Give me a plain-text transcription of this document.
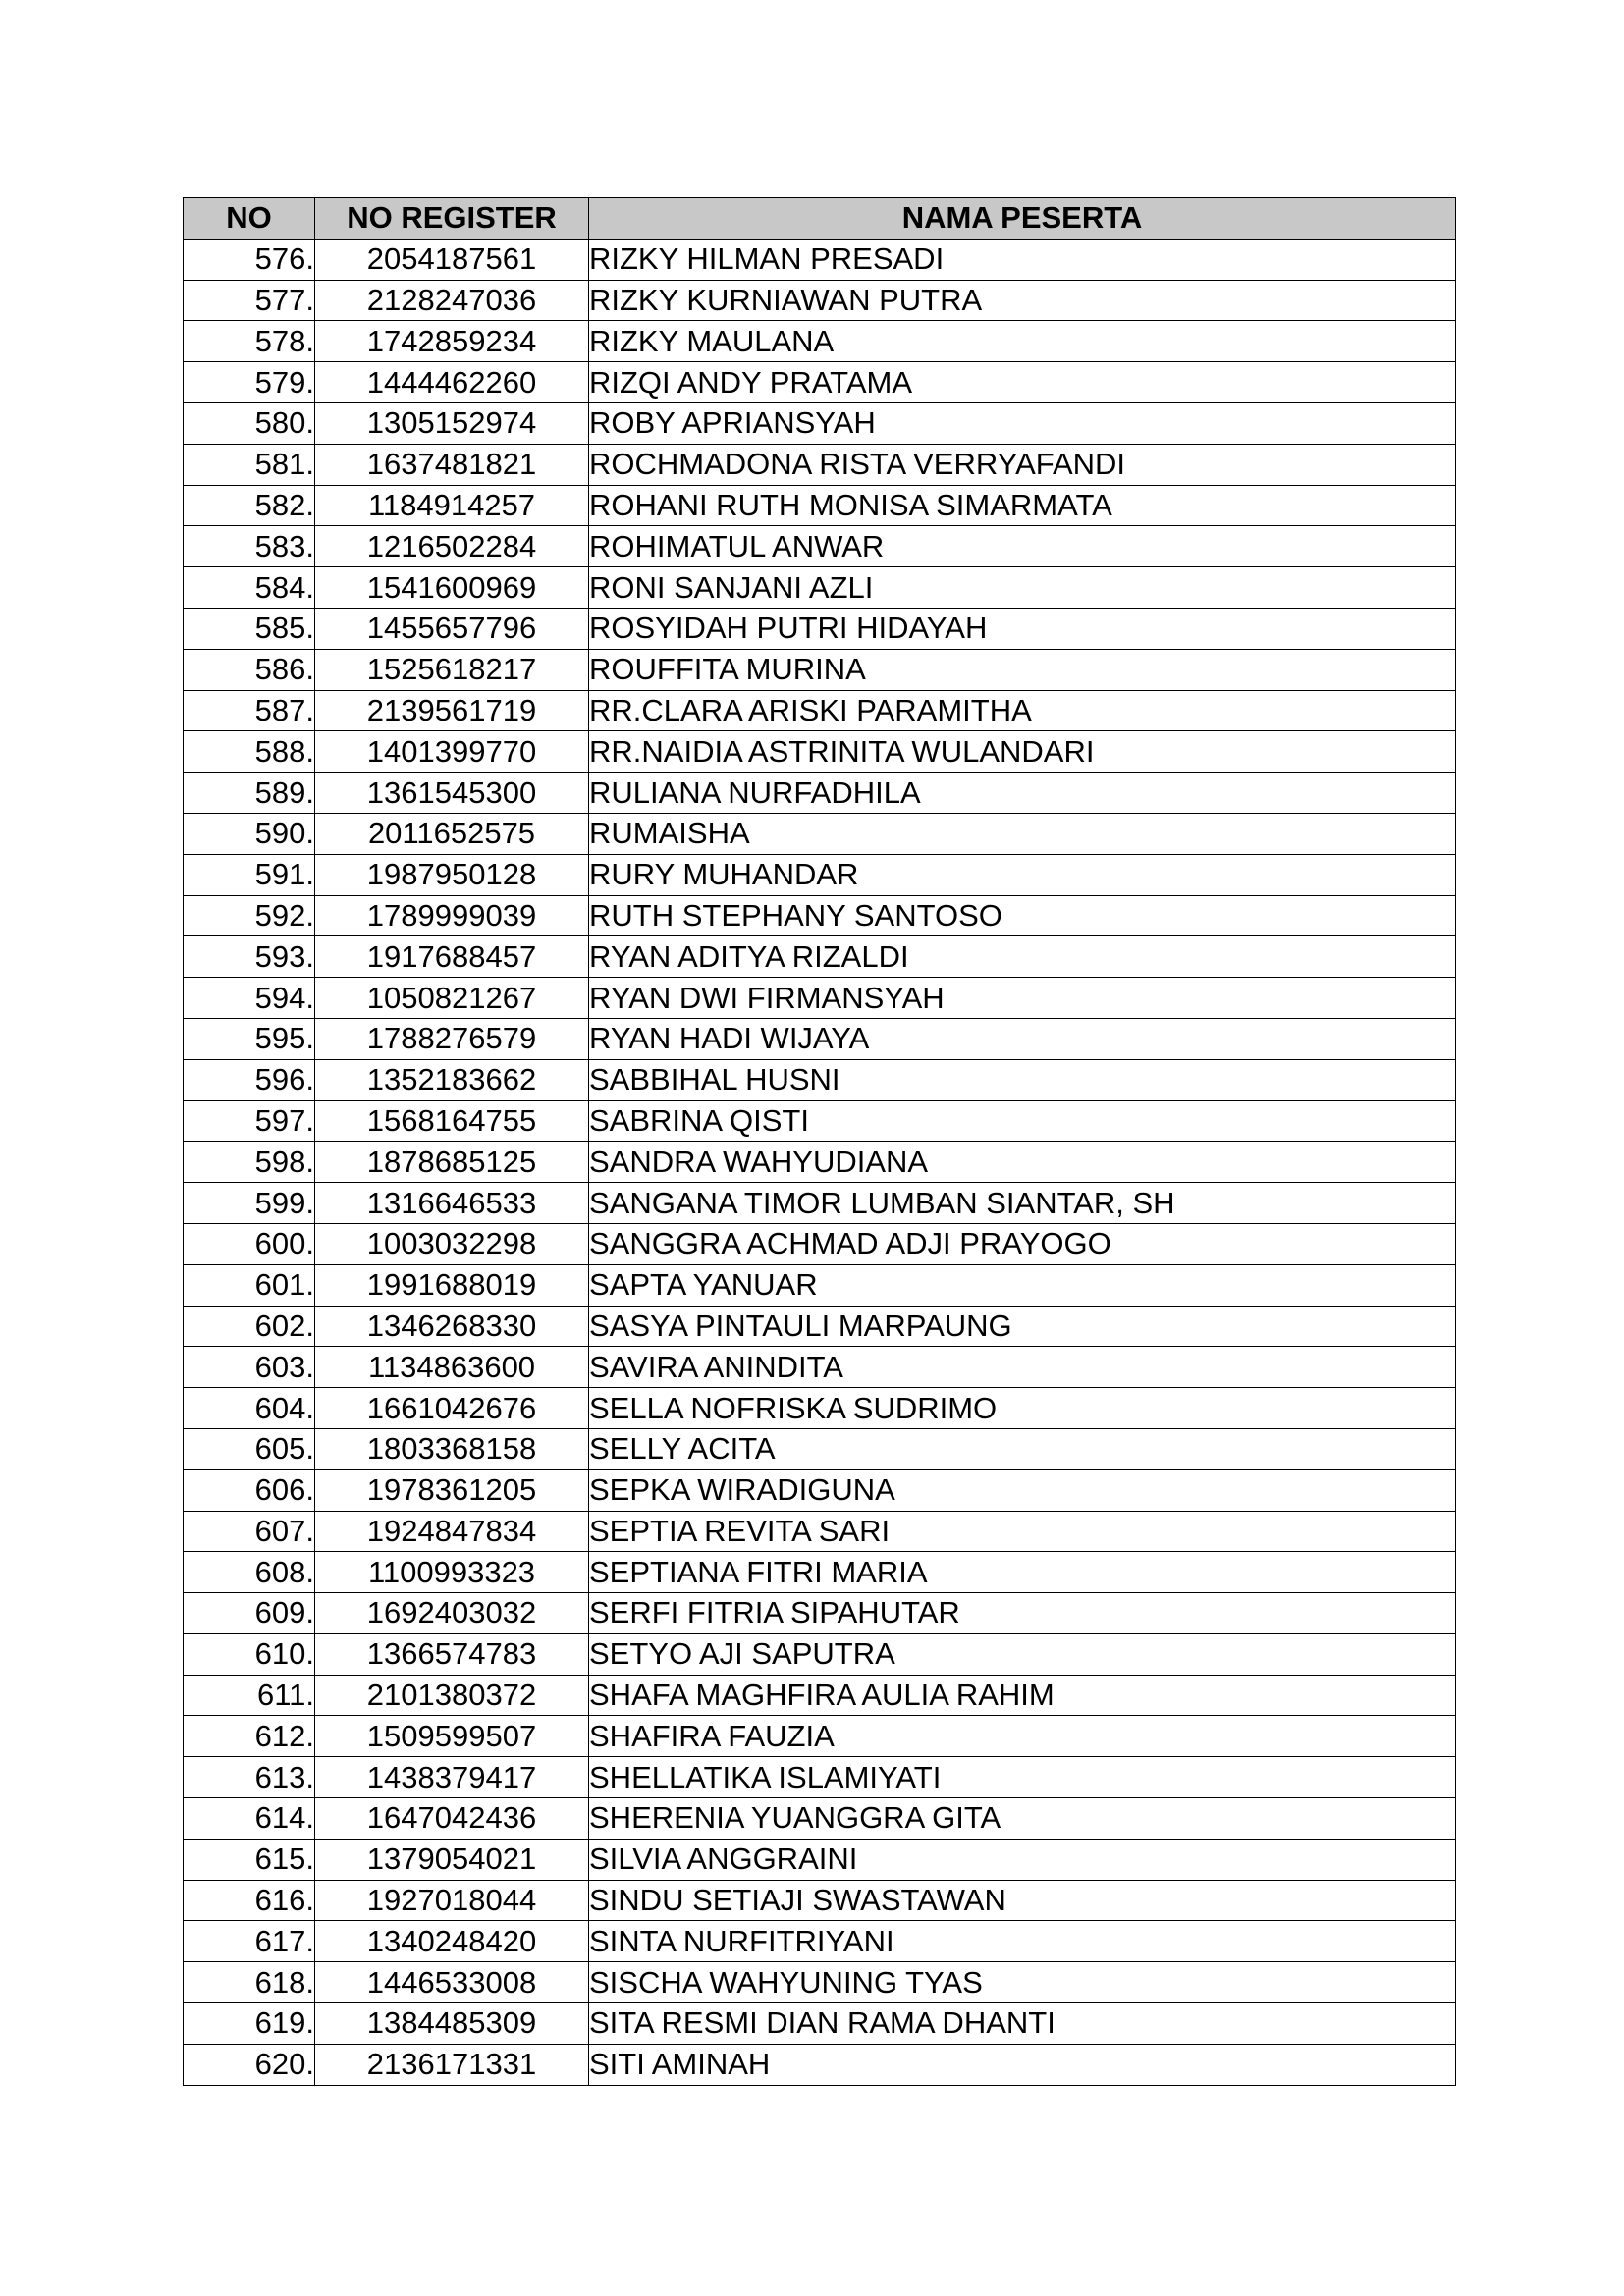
NO	NO REGISTER	NAMA PESERTA
576.	2054187561	RIZKY HILMAN PRESADI
577.	2128247036	RIZKY KURNIAWAN PUTRA
578.	1742859234	RIZKY MAULANA
579.	1444462260	RIZQI ANDY PRATAMA
580.	1305152974	ROBY APRIANSYAH
581.	1637481821	ROCHMADONA RISTA VERRYAFANDI
582.	1184914257	ROHANI RUTH MONISA SIMARMATA
583.	1216502284	ROHIMATUL ANWAR
584.	1541600969	RONI SANJANI AZLI
585.	1455657796	ROSYIDAH PUTRI HIDAYAH
586.	1525618217	ROUFFITA MURINA
587.	2139561719	RR.CLARA ARISKI PARAMITHA
588.	1401399770	RR.NAIDIA ASTRINITA WULANDARI
589.	1361545300	RULIANA NURFADHILA
590.	2011652575	RUMAISHA
591.	1987950128	RURY MUHANDAR
592.	1789999039	RUTH STEPHANY SANTOSO
593.	1917688457	RYAN ADITYA RIZALDI
594.	1050821267	RYAN DWI FIRMANSYAH
595.	1788276579	RYAN HADI WIJAYA
596.	1352183662	SABBIHAL HUSNI
597.	1568164755	SABRINA QISTI
598.	1878685125	SANDRA WAHYUDIANA
599.	1316646533	SANGANA TIMOR LUMBAN SIANTAR, SH
600.	1003032298	SANGGRA ACHMAD ADJI PRAYOGO
601.	1991688019	SAPTA YANUAR
602.	1346268330	SASYA PINTAULI MARPAUNG
603.	1134863600	SAVIRA ANINDITA
604.	1661042676	SELLA NOFRISKA SUDRIMO
605.	1803368158	SELLY ACITA
606.	1978361205	SEPKA WIRADIGUNA
607.	1924847834	SEPTIA REVITA SARI
608.	1100993323	SEPTIANA FITRI MARIA
609.	1692403032	SERFI FITRIA SIPAHUTAR
610.	1366574783	SETYO AJI SAPUTRA
611.	2101380372	SHAFA MAGHFIRA AULIA RAHIM
612.	1509599507	SHAFIRA FAUZIA
613.	1438379417	SHELLATIKA ISLAMIYATI
614.	1647042436	SHERENIA YUANGGRA GITA
615.	1379054021	SILVIA ANGGRAINI
616.	1927018044	SINDU SETIAJI SWASTAWAN
617.	1340248420	SINTA NURFITRIYANI
618.	1446533008	SISCHA WAHYUNING TYAS
619.	1384485309	SITA RESMI DIAN RAMA DHANTI
620.	2136171331	SITI AMINAH
